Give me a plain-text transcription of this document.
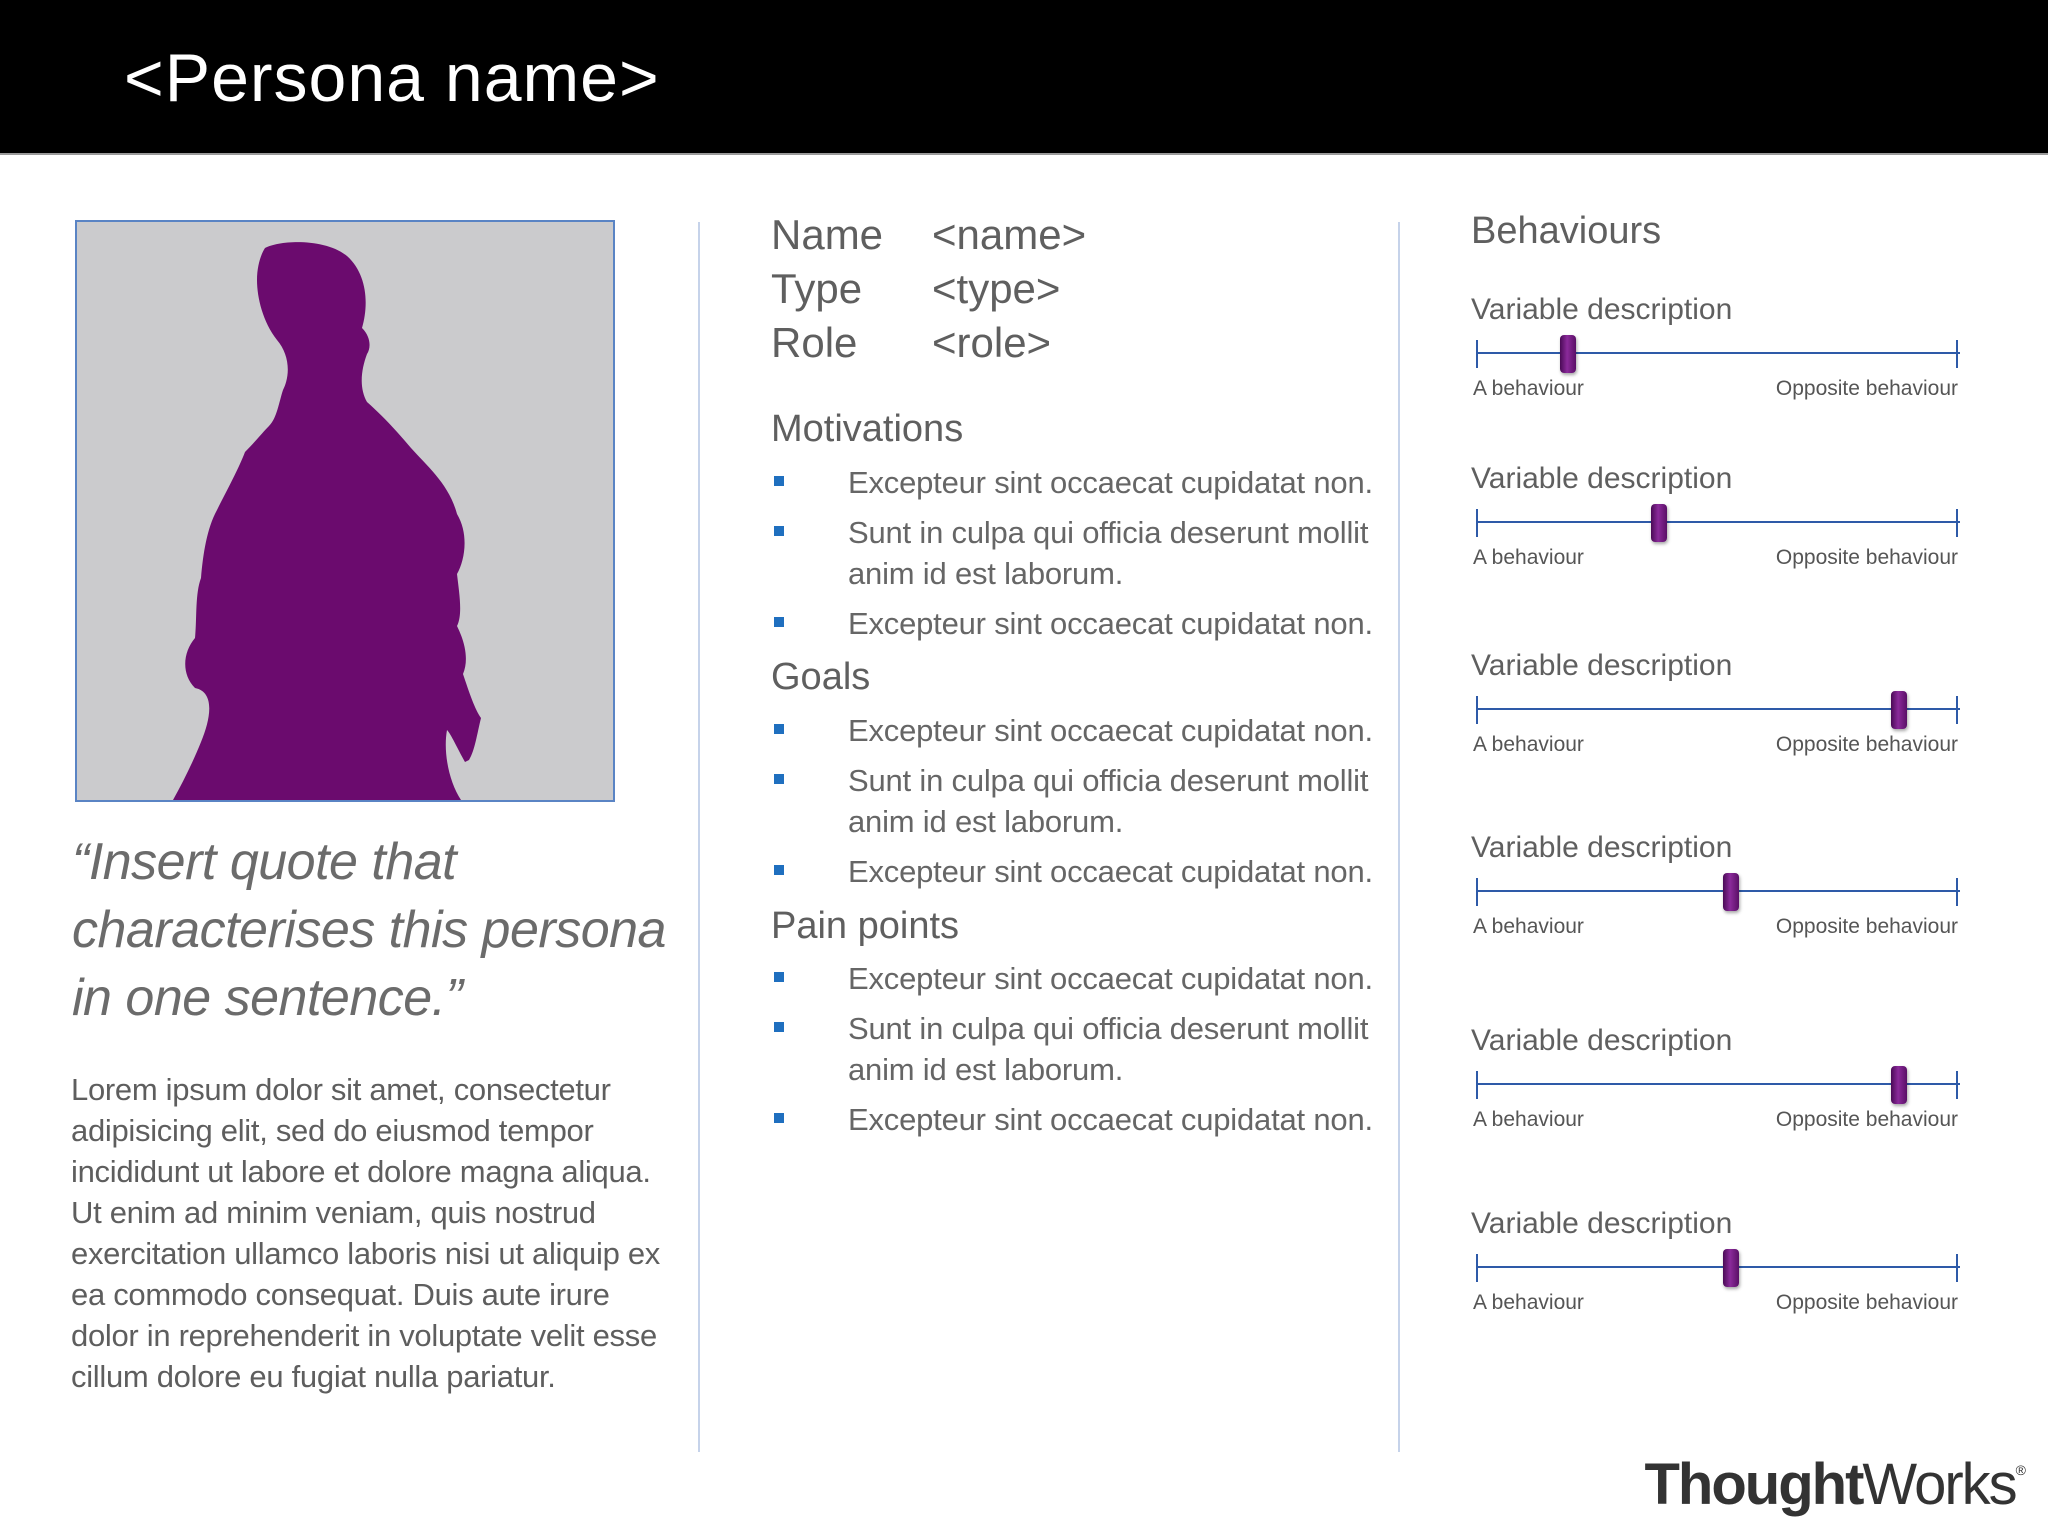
<Persona name>
“Insert quote that characterises this persona in one sentence.”
Lorem ipsum dolor sit amet, consectetur adipisicing elit, sed do eiusmod tempor incididunt ut labore et dolore magna aliqua. Ut enim ad minim veniam, quis nostrud exercitation ullamco laboris nisi ut aliquip ex ea commodo consequat. Duis aute irure dolor in reprehenderit in voluptate velit esse cillum dolore eu fugiat nulla pariatur.
Name	<name>
Type	<type>
Role	<role>
Motivations
Excepteur sint occaecat cupidatat non.
Sunt in culpa qui officia deserunt mollit anim id est laborum.
Excepteur sint occaecat cupidatat non.
Goals
Excepteur sint occaecat cupidatat non.
Sunt in culpa qui officia deserunt mollit anim id est laborum.
Excepteur sint occaecat cupidatat non.
Pain points
Excepteur sint occaecat cupidatat non.
Sunt in culpa qui officia deserunt mollit anim id est laborum.
Excepteur sint occaecat cupidatat non.
Behaviours
Variable description
A behaviour	Opposite behaviour
Variable description
A behaviour	Opposite behaviour
Variable description
A behaviour	Opposite behaviour
Variable description
A behaviour	Opposite behaviour
Variable description
A behaviour	Opposite behaviour
Variable description
A behaviour	Opposite behaviour
ThoughtWorks®
